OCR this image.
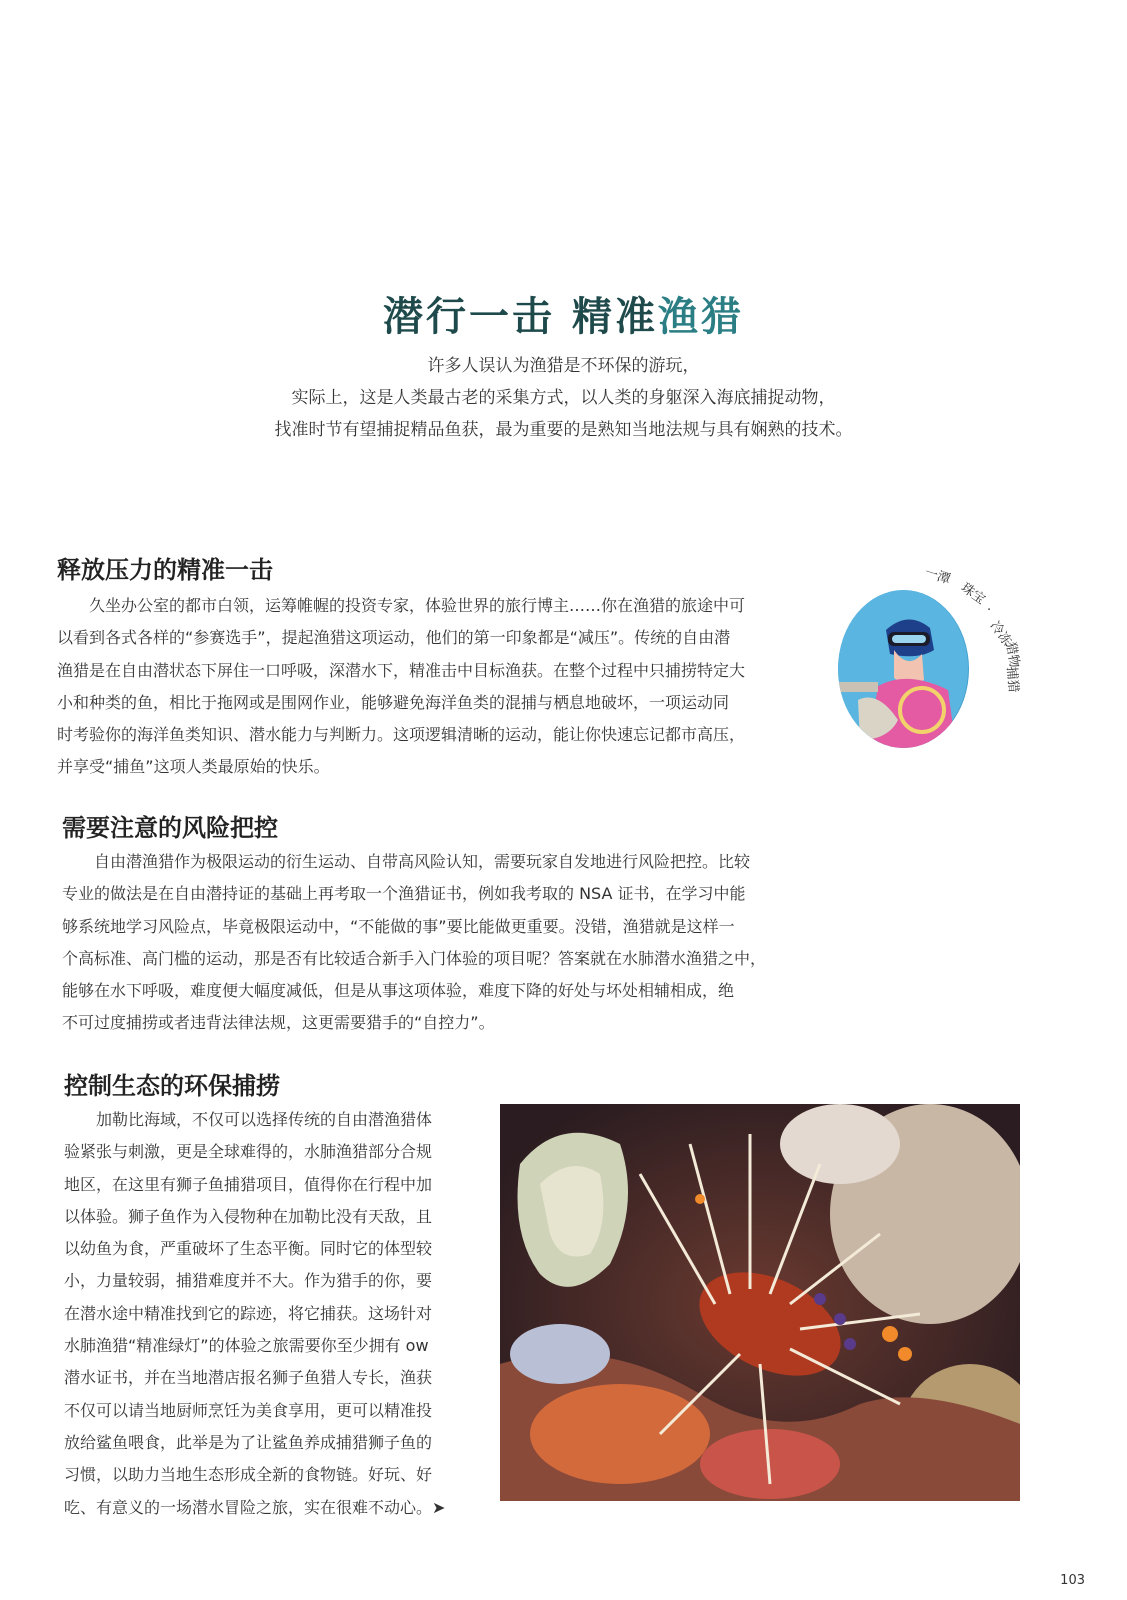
潜行一击 精准渔猎
许多人误认为渔猎是不环保的游玩，
实际上，这是人类最古老的采集方式，以人类的身躯深入海底捕捉动物，
找准时节有望捕捉精品鱼获，最为重要的是熟知当地法规与具有娴熟的技术。
释放压力的精准一击
久坐办公室的都市白领，运筹帷幄的投资专家，体验世界的旅行博主……你在渔猎的旅途中可
以看到各式各样的“参赛选手”，提起渔猎这项运动，他们的第一印象都是“减压”。传统的自由潜
渔猎是在自由潜状态下屏住一口呼吸，深潜水下，精准击中目标渔获。在整个过程中只捕捞特定大
小和种类的鱼，相比于拖网或是围网作业，能够避免海洋鱼类的混捕与栖息地破坏，一项运动同
时考验你的海洋鱼类知识、潜水能力与判断力。这项逻辑清晰的运动，能让你快速忘记都市高压，
并享受“捕鱼”这项人类最原始的快乐。
一潭
珠宝
·
冷冻
猎物
捕猎
需要注意的风险把控
自由潜渔猎作为极限运动的衍生运动、自带高风险认知，需要玩家自发地进行风险把控。比较
专业的做法是在自由潜持证的基础上再考取一个渔猎证书，例如我考取的 NSA 证书，在学习中能
够系统地学习风险点，毕竟极限运动中，“不能做的事”要比能做更重要。没错，渔猎就是这样一
个高标准、高门槛的运动，那是否有比较适合新手入门体验的项目呢？答案就在水肺潜水渔猎之中，
能够在水下呼吸，难度便大幅度减低，但是从事这项体验，难度下降的好处与坏处相辅相成，绝
不可过度捕捞或者违背法律法规，这更需要猎手的“自控力”。
控制生态的环保捕捞
加勒比海域，不仅可以选择传统的自由潜渔猎体
验紧张与刺激，更是全球难得的，水肺渔猎部分合规
地区，在这里有狮子鱼捕猎项目，值得你在行程中加
以体验。狮子鱼作为入侵物种在加勒比没有天敌，且
以幼鱼为食，严重破坏了生态平衡。同时它的体型较
小，力量较弱，捕猎难度并不大。作为猎手的你，要
在潜水途中精准找到它的踪迹，将它捕获。这场针对
水肺渔猎“精准绿灯”的体验之旅需要你至少拥有 ow
潜水证书，并在当地潜店报名狮子鱼猎人专长，渔获
不仅可以请当地厨师烹饪为美食享用，更可以精准投
放给鲨鱼喂食，此举是为了让鲨鱼养成捕猎狮子鱼的
习惯，以助力当地生态形成全新的食物链。好玩、好
吃、有意义的一场潜水冒险之旅，实在很难不动心。➤
103
